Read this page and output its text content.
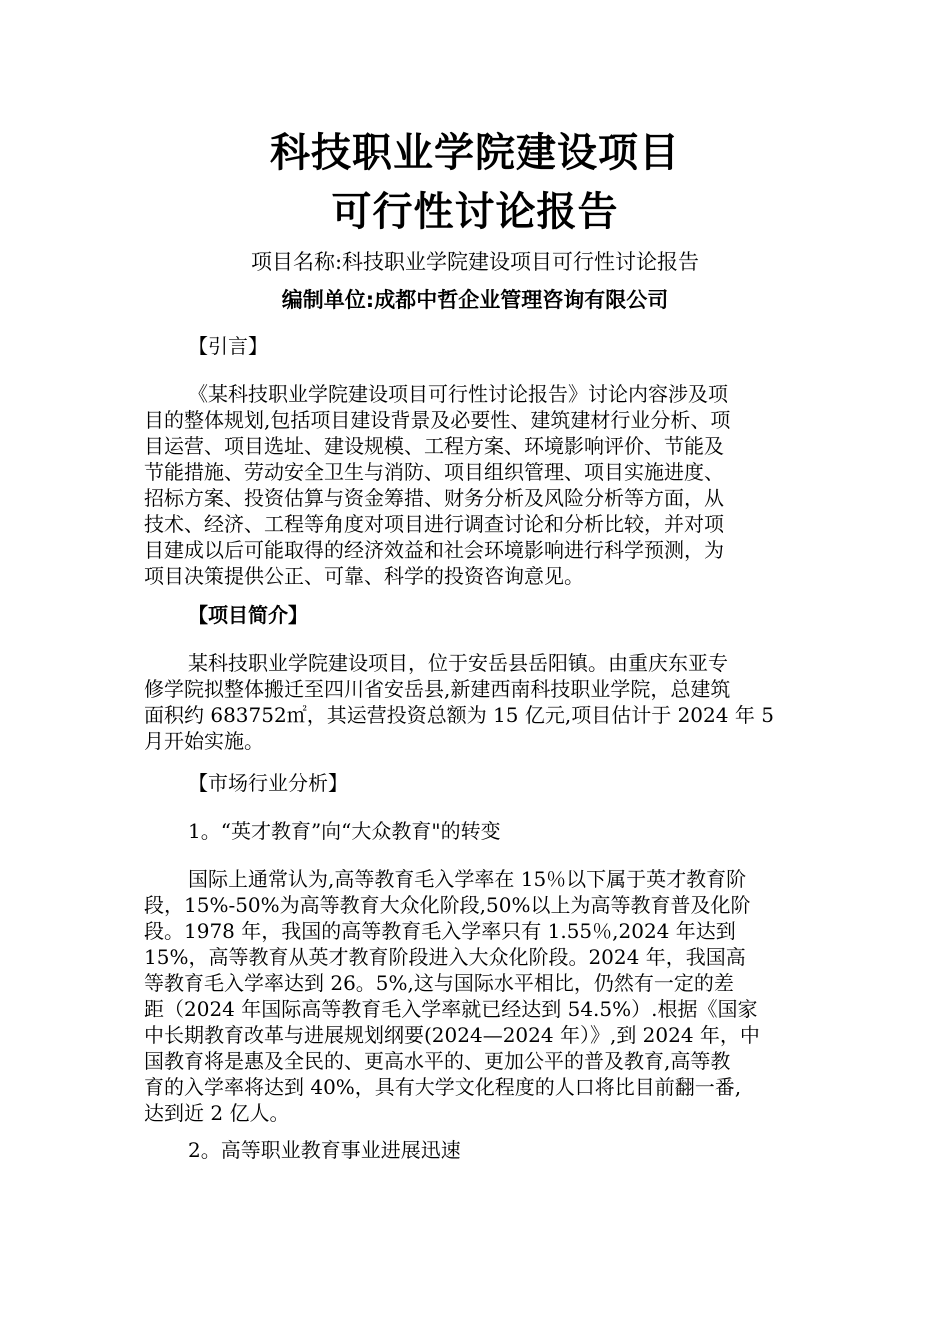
科技职业学院建设项目
可行性讨论报告
项目名称:科技职业学院建设项目可行性讨论报告
编制单位:成都中哲企业管理咨询有限公司
【引言】
《某科技职业学院建设项目可行性讨论报告》讨论内容涉及项
目的整体规划,包括项目建设背景及必要性、建筑建材行业分析、项
目运营、项目选址、建设规模、工程方案、环境影响评价、节能及
节能措施、劳动安全卫生与消防、项目组织管理、项目实施进度、
招标方案、投资估算与资金筹措、财务分析及风险分析等方面，从
技术、经济、工程等角度对项目进行调查讨论和分析比较，并对项
目建成以后可能取得的经济效益和社会环境影响进行科学预测，为
项目决策提供公正、可靠、科学的投资咨询意见。
【项目简介】
某科技职业学院建设项目，位于安岳县岳阳镇。由重庆东亚专
修学院拟整体搬迁至四川省安岳县,新建西南科技职业学院，总建筑
面积约 683752㎡，其运营投资总额为 15 亿元,项目估计于 2024 年 5
月开始实施。
【市场行业分析】
1。“英才教育”向“大众教育"的转变
国际上通常认为,高等教育毛入学率在 15％以下属于英才教育阶
段，15%-50%为高等教育大众化阶段,50%以上为高等教育普及化阶
段。1978 年，我国的高等教育毛入学率只有 1.55％,2024 年达到
15%，高等教育从英才教育阶段进入大众化阶段。2024 年，我国高
等教育毛入学率达到 26。5%,这与国际水平相比，仍然有一定的差
距（2024 年国际高等教育毛入学率就已经达到 54.5%）.根据《国家
中长期教育改革与进展规划纲要(2024—2024 年）》,到 2024 年，中
国教育将是惠及全民的、更高水平的、更加公平的普及教育,高等教
育的入学率将达到 40%，具有大学文化程度的人口将比目前翻一番,
达到近 2 亿人。
2。高等职业教育事业进展迅速
